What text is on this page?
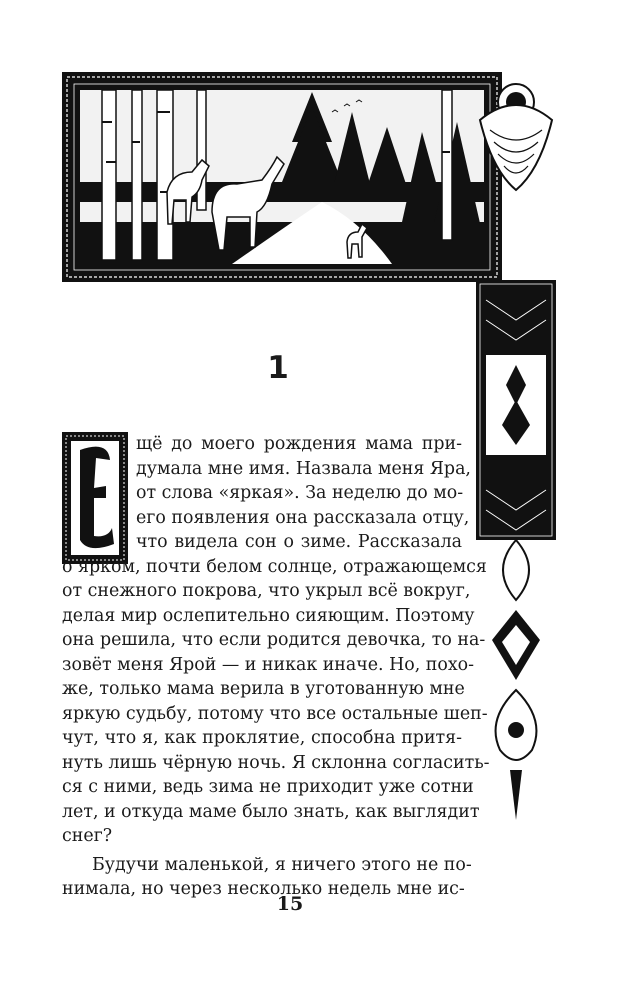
1
Е
щё до моего рождения мама при-
думала мне имя. Назвала меня Яра,
от слова «яркая». За неделю до мо-
его появления она рассказала отцу,
что видела сон о зиме. Рассказала
о ярком, почти белом солнце, отражающемся
от снежного покрова, что укрыл всё вокруг,
делая мир ослепительно сияющим. Поэтому
она решила, что если родится девочка, то на-
зовёт меня Ярой — и никак иначе. Но, похо-
же, только мама верила в уготованную мне
яркую судьбу, потому что все остальные шеп-
чут, что я, как проклятие, способна притя-
нуть лишь чёрную ночь. Я склонна согласить-
ся с ними, ведь зима не приходит уже сотни
лет, и откуда маме было знать, как выглядит
снег?
Будучи маленькой, я ничего этого не по-
нимала, но через несколько недель мне ис-
15
